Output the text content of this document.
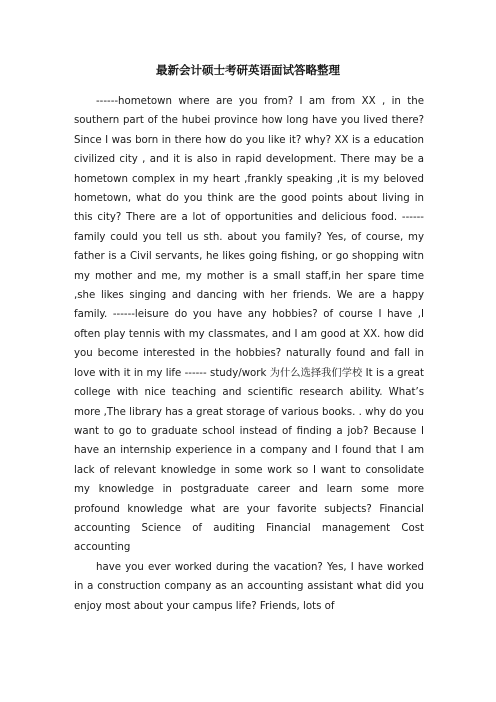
最新会计硕士考研英语面试答略整理

------hometown where are you from? I am from XX , in the southern part of the hubei province how long have you lived there? Since I was born in there how do you like it? why? XX is a education civilized city , and it is also in rapid development. There may be a hometown complex in my heart ,frankly speaking ,it is my beloved hometown, what do you think are the good points about living in this city? There are a lot of opportunities and delicious food. ------family could you tell us sth. about you family? Yes, of course, my father is a Civil servants, he likes going fishing, or go shopping witn my mother and me, my mother is a small staff,in her spare time ,she likes singing and dancing with her friends. We are a happy family. ------leisure do you have any hobbies? of course I have ,I often play tennis with my classmates, and I am good at XX. how did you become interested in the hobbies? naturally found and fall in love with it in my life ------ study/work 为什么选择我们学校 It is a great college with nice teaching and scientific research ability. What’s more ,The library has a great storage of various books. . why do you want to go to graduate school instead of finding a job? Because I have an internship experience in a company and I found that I am lack of relevant knowledge in some work so I want to consolidate my knowledge in postgraduate career and learn some more profound knowledge what are your favorite subjects? Financial accounting Science of auditing Financial management Cost accounting

have you ever worked during the vacation? Yes, I have worked in a construction company as an accounting assistant what did you enjoy most about your campus life? Friends, lots of
